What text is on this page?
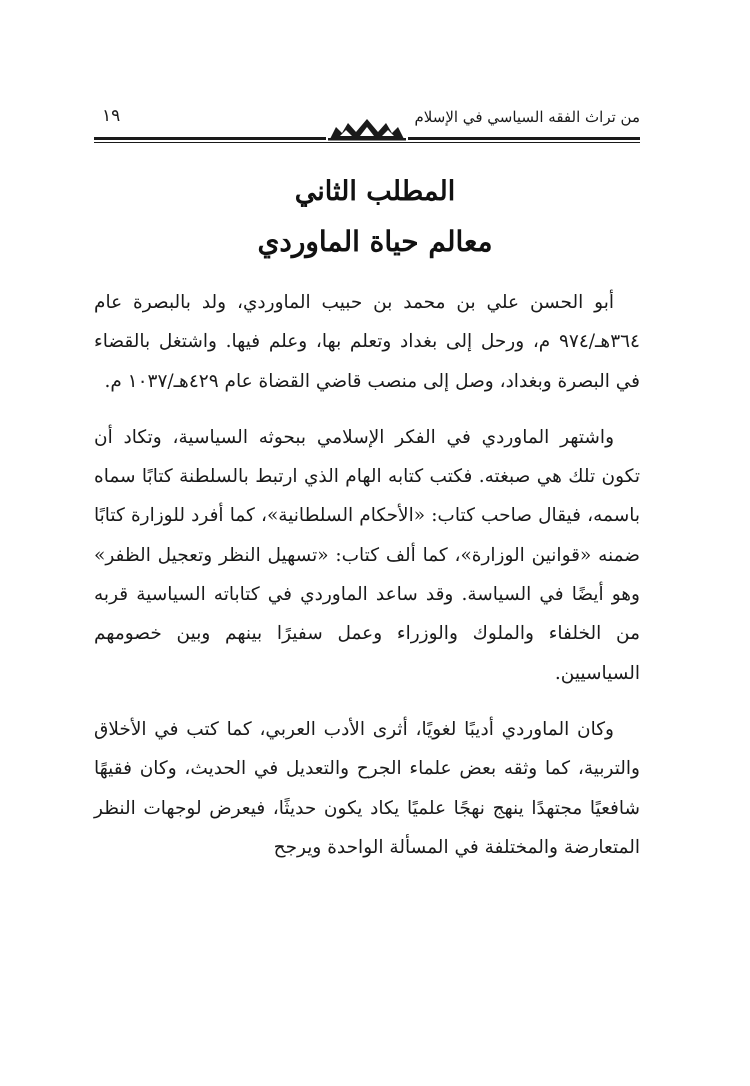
من تراث الفقه السياسي في الإسلام
١٩
المطلب الثاني
معالم حياة الماوردي

أبو الحسن علي بن محمد بن حبيب الماوردي، ولد بالبصرة عام ٣٦٤هـ/٩٧٤ م، ورحل إلى بغداد وتعلم بها، وعلم فيها. واشتغل بالقضاء في البصرة وبغداد، وصل إلى منصب قاضي القضاة عام ٤٢٩هـ/١٠٣٧ م.

واشتهر الماوردي في الفكر الإسلامي ببحوثه السياسية، وتكاد أن تكون تلك هي صبغته. فكتب كتابه الهام الذي ارتبط بالسلطنة كتابًا سماه باسمه، فيقال صاحب كتاب: «الأحكام السلطانية»، كما أفرد للوزارة كتابًا ضمنه «قوانين الوزارة»، كما ألف كتاب: «تسهيل النظر وتعجيل الظفر» وهو أيضًا في السياسة. وقد ساعد الماوردي في كتاباته السياسية قربه من الخلفاء والملوك والوزراء وعمل سفيرًا بينهم وبين خصومهم السياسيين.

وكان الماوردي أديبًا لغويًا، أثرى الأدب العربي، كما كتب في الأخلاق والتربية، كما وثقه بعض علماء الجرح والتعديل في الحديث، وكان فقيهًا شافعيًا مجتهدًا ينهج نهجًا علميًا يكاد يكون حديثًا، فيعرض لوجهات النظر المتعارضة والمختلفة في المسألة الواحدة ويرجح
